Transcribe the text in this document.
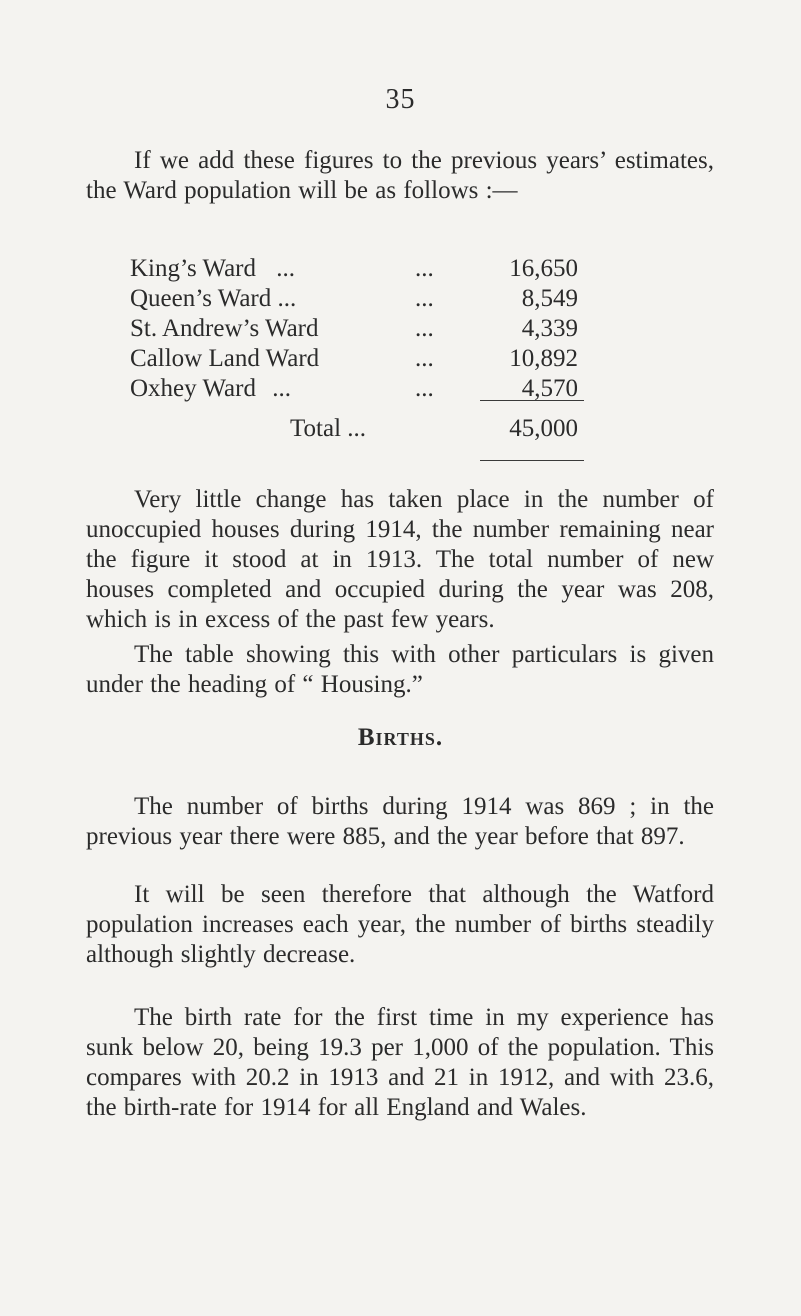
35

If we add these figures to the previous years’ estimates, the Ward population will be as follows :—

King’s Ward ...	...	16,650
Queen’s Ward ...	...	8,549
St. Andrew’s Ward	...	4,339
Callow Land Ward	...	10,892
Oxhey Ward ...	...	4,570
Total ...	45,000

Very little change has taken place in the number of unoccupied houses during 1914, the number remaining near the figure it stood at in 1913. The total number of new houses completed and occupied during the year was 208, which is in excess of the past few years.

The table showing this with other particulars is given under the heading of “ Housing.”

Births.

The number of births during 1914 was 869 ; in the previous year there were 885, and the year before that 897.

It will be seen therefore that although the Watford population increases each year, the number of births steadily although slightly decrease.

The birth rate for the first time in my experience has sunk below 20, being 19.3 per 1,000 of the population. This compares with 20.2 in 1913 and 21 in 1912, and with 23.6, the birth-rate for 1914 for all England and Wales.
